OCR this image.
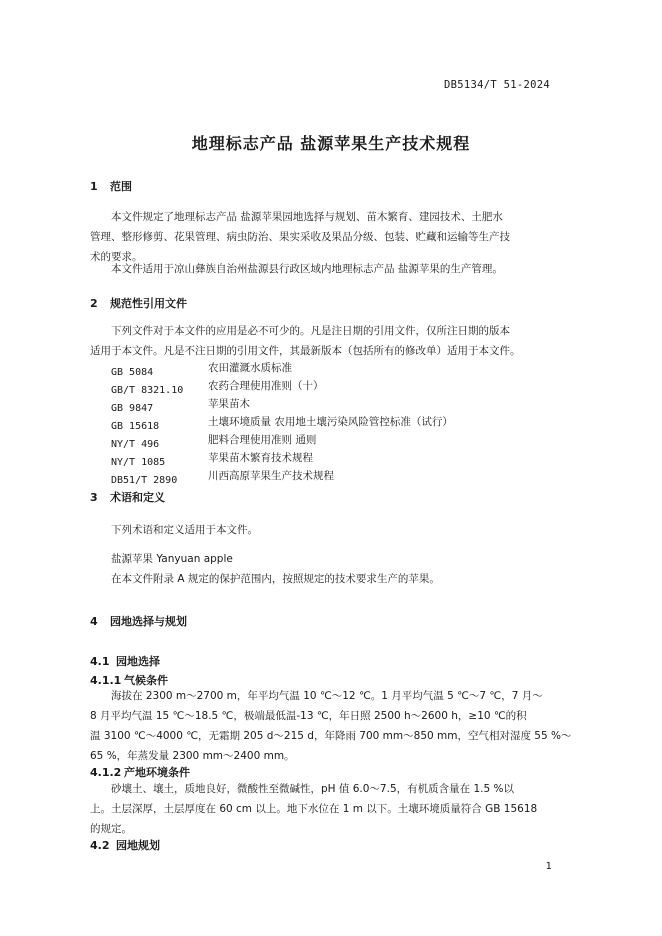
DB5134/T 51-2024
地理标志产品 盐源苹果生产技术规程
1 范围
本文件规定了地理标志产品 盐源苹果园地选择与规划、苗木繁育、建园技术、土肥水
管理、整形修剪、花果管理、病虫防治、果实采收及果品分级、包装、贮藏和运输等生产技
术的要求。
本文件适用于凉山彝族自治州盐源县行政区域内地理标志产品 盐源苹果的生产管理。
2 规范性引用文件
下列文件对于本文件的应用是必不可少的。凡是注日期的引用文件，仅所注日期的版本
适用于本文件。凡是不注日期的引用文件，其最新版本（包括所有的修改单）适用于本文件。
GB 5084	农田灌溉水质标准
GB/T 8321.10 农药合理使用准则（十）
GB 9847	苹果苗木
GB 15618	土壤环境质量 农用地土壤污染风险管控标准（试行）
NY/T 496	肥料合理使用准则 通则
NY/T 1085	苹果苗木繁育技术规程
DB51/T 2890	川西高原苹果生产技术规程
3 术语和定义
下列术语和定义适用于本文件。
盐源苹果 Yanyuan apple
在本文件附录 A 规定的保护范围内，按照规定的技术要求生产的苹果。
4 园地选择与规划
4.1 园地选择
4.1.1 气候条件
海拔在 2300 m～2700 m，年平均气温 10 ℃～12 ℃。1 月平均气温 5 ℃～7 ℃，7 月～
8 月平均气温 15 ℃～18.5 ℃，极端最低温-13 ℃，年日照 2500 h～2600 h，≥10 ℃的积
温 3100 ℃～4000 ℃，无霜期 205 d～215 d，年降雨 700 mm～850 mm，空气相对湿度 55 %～
65 %，年蒸发量 2300 mm～2400 mm。
4.1.2 产地环境条件
砂壤土、壤土，质地良好，微酸性至微碱性，pH 值 6.0～7.5，有机质含量在 1.5 %以
上。土层深厚，土层厚度在 60 cm 以上。地下水位在 1 m 以下。土壤环境质量符合 GB 15618
的规定。
4.2 园地规划
1
